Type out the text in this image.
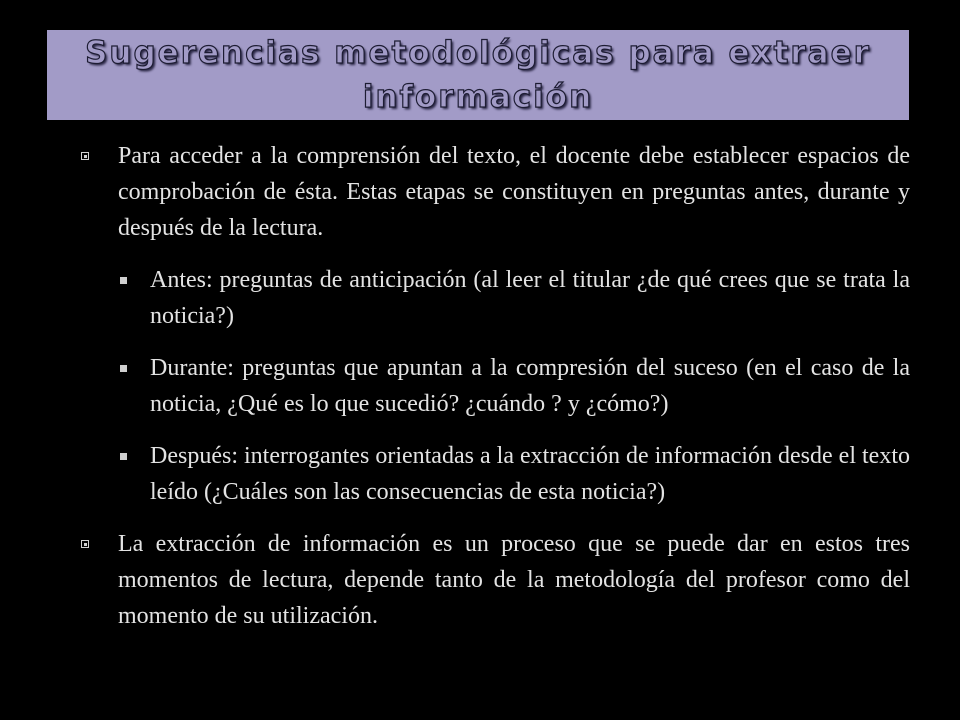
Sugerencias metodológicas para extraer información
Para acceder a la comprensión del texto, el docente debe establecer espacios de comprobación de ésta. Estas etapas se constituyen en preguntas antes, durante y después de la lectura.
Antes: preguntas de anticipación (al leer el titular ¿de qué crees que se trata la noticia?)
Durante: preguntas que apuntan a la compresión del suceso (en el caso de la noticia, ¿Qué es lo que sucedió? ¿cuándo ? y ¿cómo?)
Después: interrogantes orientadas a la extracción de información desde el texto leído (¿Cuáles son las consecuencias de esta noticia?)
La extracción de información es un proceso que se puede dar en estos tres momentos de lectura, depende tanto de la metodología del profesor como del momento de su utilización.
